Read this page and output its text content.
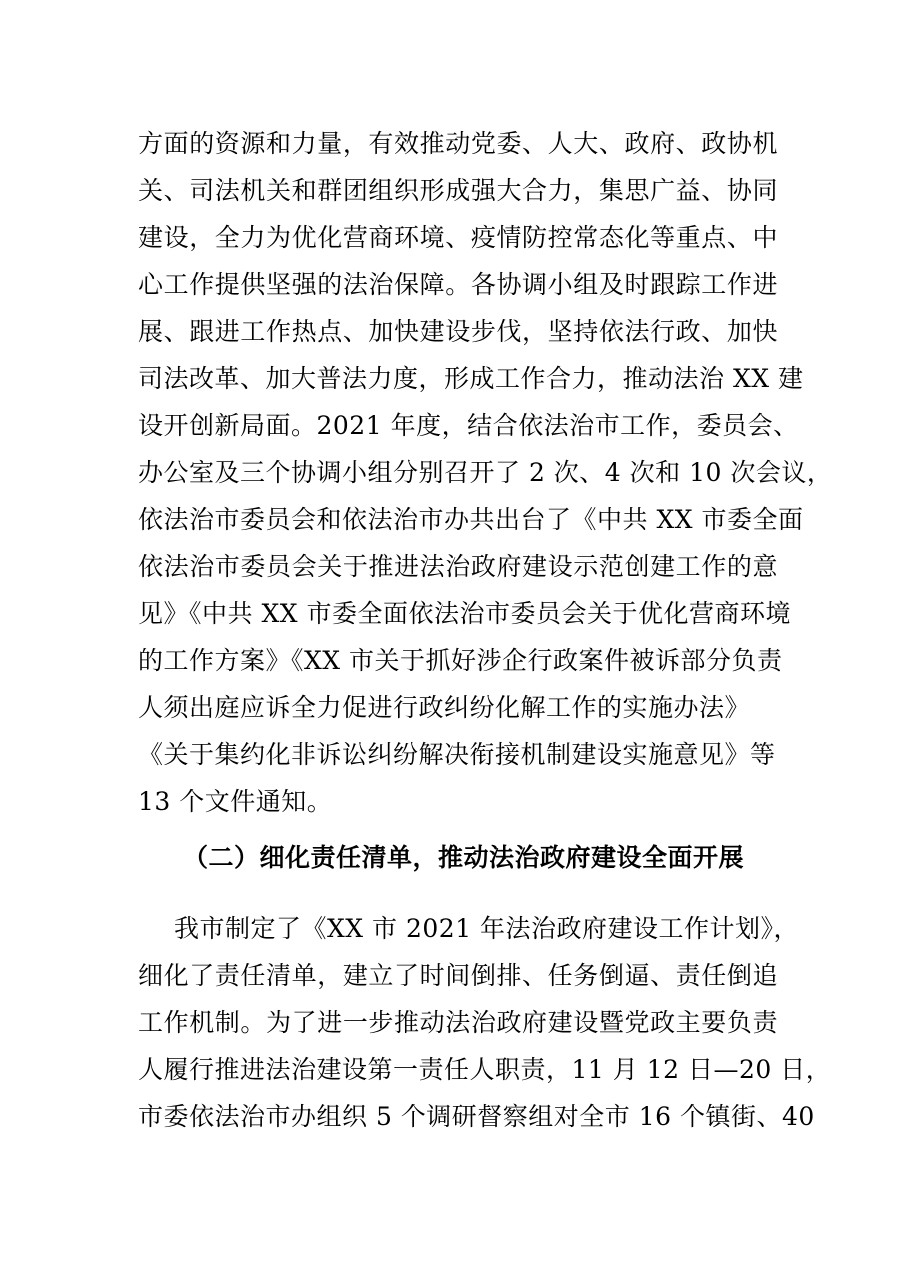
方面的资源和力量，有效推动党委、人大、政府、政协机
关、司法机关和群团组织形成强大合力，集思广益、协同
建设，全力为优化营商环境、疫情防控常态化等重点、中
心工作提供坚强的法治保障。各协调小组及时跟踪工作进
展、跟进工作热点、加快建设步伐，坚持依法行政、加快
司法改革、加大普法力度，形成工作合力，推动法治 XX 建
设开创新局面。2021 年度，结合依法治市工作，委员会、
办公室及三个协调小组分别召开了 2 次、4 次和 10 次会议，
依法治市委员会和依法治市办共出台了《中共 XX 市委全面
依法治市委员会关于推进法治政府建设示范创建工作的意
见》《中共 XX 市委全面依法治市委员会关于优化营商环境
的工作方案》《XX 市关于抓好涉企行政案件被诉部分负责
人须出庭应诉全力促进行政纠纷化解工作的实施办法》
《关于集约化非诉讼纠纷解决衔接机制建设实施意见》等
13 个文件通知。
（二）细化责任清单，推动法治政府建设全面开展
我市制定了《XX 市 2021 年法治政府建设工作计划》，
细化了责任清单，建立了时间倒排、任务倒逼、责任倒追
工作机制。为了进一步推动法治政府建设暨党政主要负责
人履行推进法治建设第一责任人职责，11 月 12 日—20 日，
市委依法治市办组织 5 个调研督察组对全市 16 个镇街、40
